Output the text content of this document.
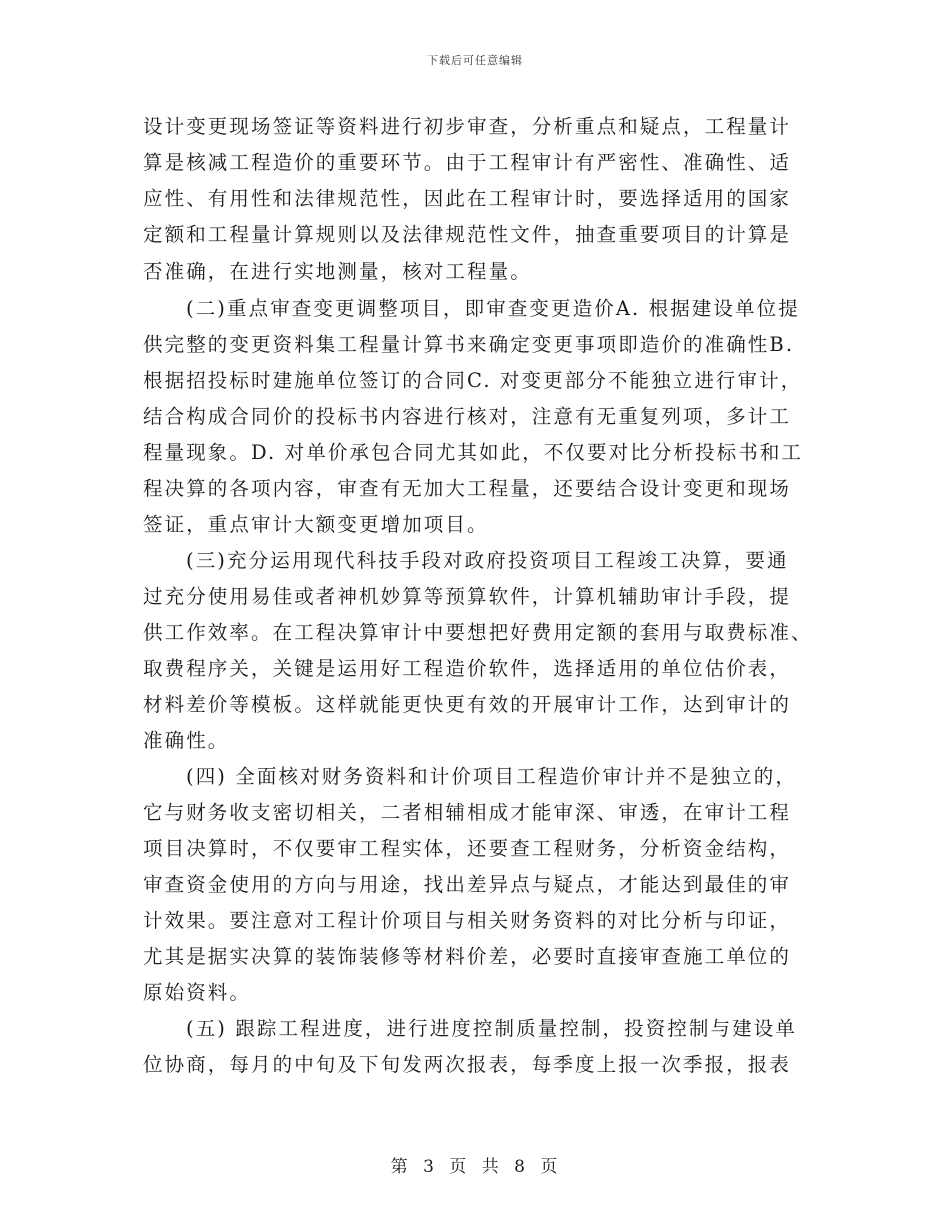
下载后可任意编辑
设计变更现场签证等资料进行初步审查，分析重点和疑点，工程量计
算是核减工程造价的重要环节。由于工程审计有严密性、准确性、适
应性、有用性和法律规范性，因此在工程审计时，要选择适用的国家
定额和工程量计算规则以及法律规范性文件，抽查重要项目的计算是
否准确，在进行实地测量，核对工程量。
(二)重点审查变更调整项目，即审查变更造价A. 根据建设单位提
供完整的变更资料集工程量计算书来确定变更事项即造价的准确性B.
根据招投标时建施单位签订的合同C. 对变更部分不能独立进行审计，
结合构成合同价的投标书内容进行核对，注意有无重复列项，多计工
程量现象。D. 对单价承包合同尤其如此，不仅要对比分析投标书和工
程决算的各项内容，审查有无加大工程量，还要结合设计变更和现场
签证，重点审计大额变更增加项目。
(三)充分运用现代科技手段对政府投资项目工程竣工决算，要通
过充分使用易佳或者神机妙算等预算软件，计算机辅助审计手段，提
供工作效率。在工程决算审计中要想把好费用定额的套用与取费标准、
取费程序关，关键是运用好工程造价软件，选择适用的单位估价表，
材料差价等模板。这样就能更快更有效的开展审计工作，达到审计的
准确性。
(四) 全面核对财务资料和计价项目工程造价审计并不是独立的，
它与财务收支密切相关，二者相辅相成才能审深、审透，在审计工程
项目决算时，不仅要审工程实体，还要查工程财务，分析资金结构，
审查资金使用的方向与用途，找出差异点与疑点，才能达到最佳的审
计效果。要注意对工程计价项目与相关财务资料的对比分析与印证，
尤其是据实决算的装饰装修等材料价差，必要时直接审查施工单位的
原始资料。
(五) 跟踪工程进度，进行进度控制质量控制，投资控制与建设单
位协商，每月的中旬及下旬发两次报表，每季度上报一次季报，报表
第 3 页 共 8 页
